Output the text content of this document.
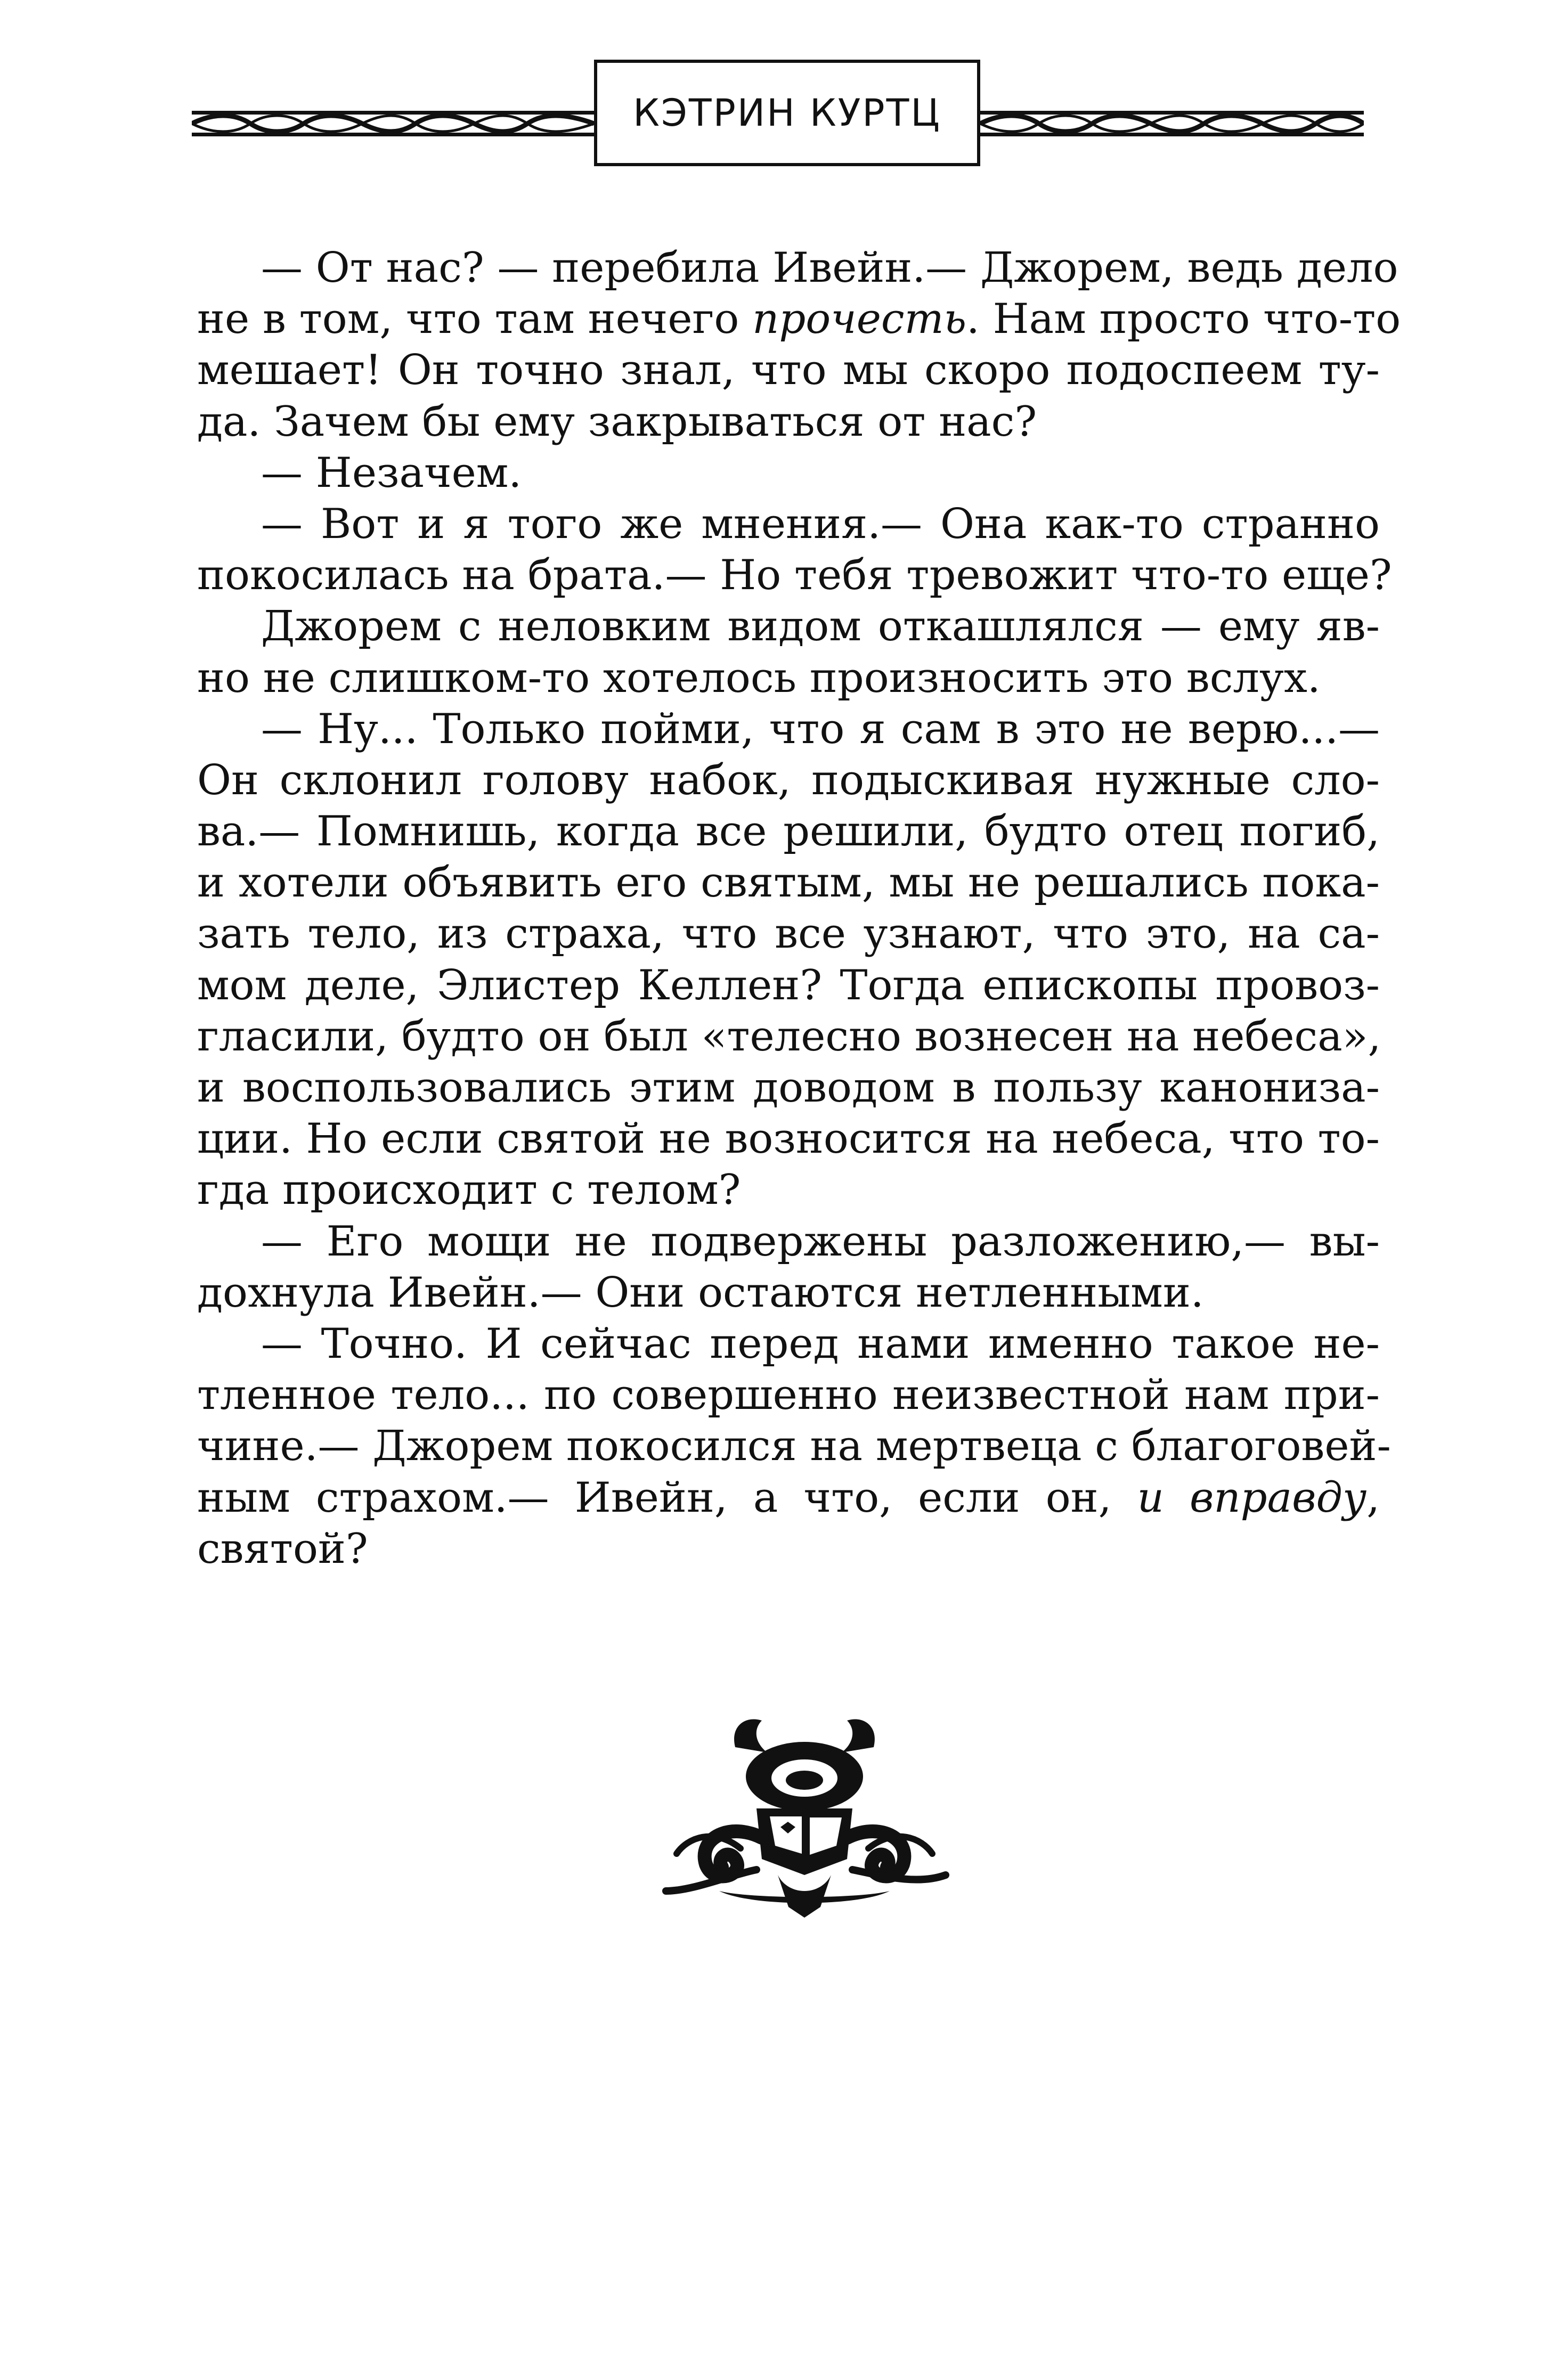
КЭТРИН КУРТЦ
— От нас? — перебила Ивейн.— Джорем, ведь дело
не в том, что там нечего прочесть. Нам просто что-то
мешает! Он точно знал, что мы скоро подоспеем ту-
да. Зачем бы ему закрываться от нас?
— Незачем.
— Вот и я того же мнения.— Она как-то странно
покосилась на брата.— Но тебя тревожит что-то еще?
Джорем с неловким видом откашлялся — ему яв-
но не слишком-то хотелось произносить это вслух.
— Ну... Только пойми, что я сам в это не верю...—
Он склонил голову набок, подыскивая нужные сло-
ва.— Помнишь, когда все решили, будто отец погиб,
и хотели объявить его святым, мы не решались пока-
зать тело, из страха, что все узнают, что это, на са-
мом деле, Элистер Келлен? Тогда епископы провоз-
гласили, будто он был «телесно вознесен на небеса»,
и воспользовались этим доводом в пользу канониза-
ции. Но если святой не возносится на небеса, что то-
гда происходит с телом?
— Его мощи не подвержены разложению,— вы-
дохнула Ивейн.— Они остаются нетленными.
— Точно. И сейчас перед нами именно такое не-
тленное тело... по совершенно неизвестной нам при-
чине.— Джорем покосился на мертвеца с благоговей-
ным страхом.— Ивейн, а что, если он, и вправду,
святой?
